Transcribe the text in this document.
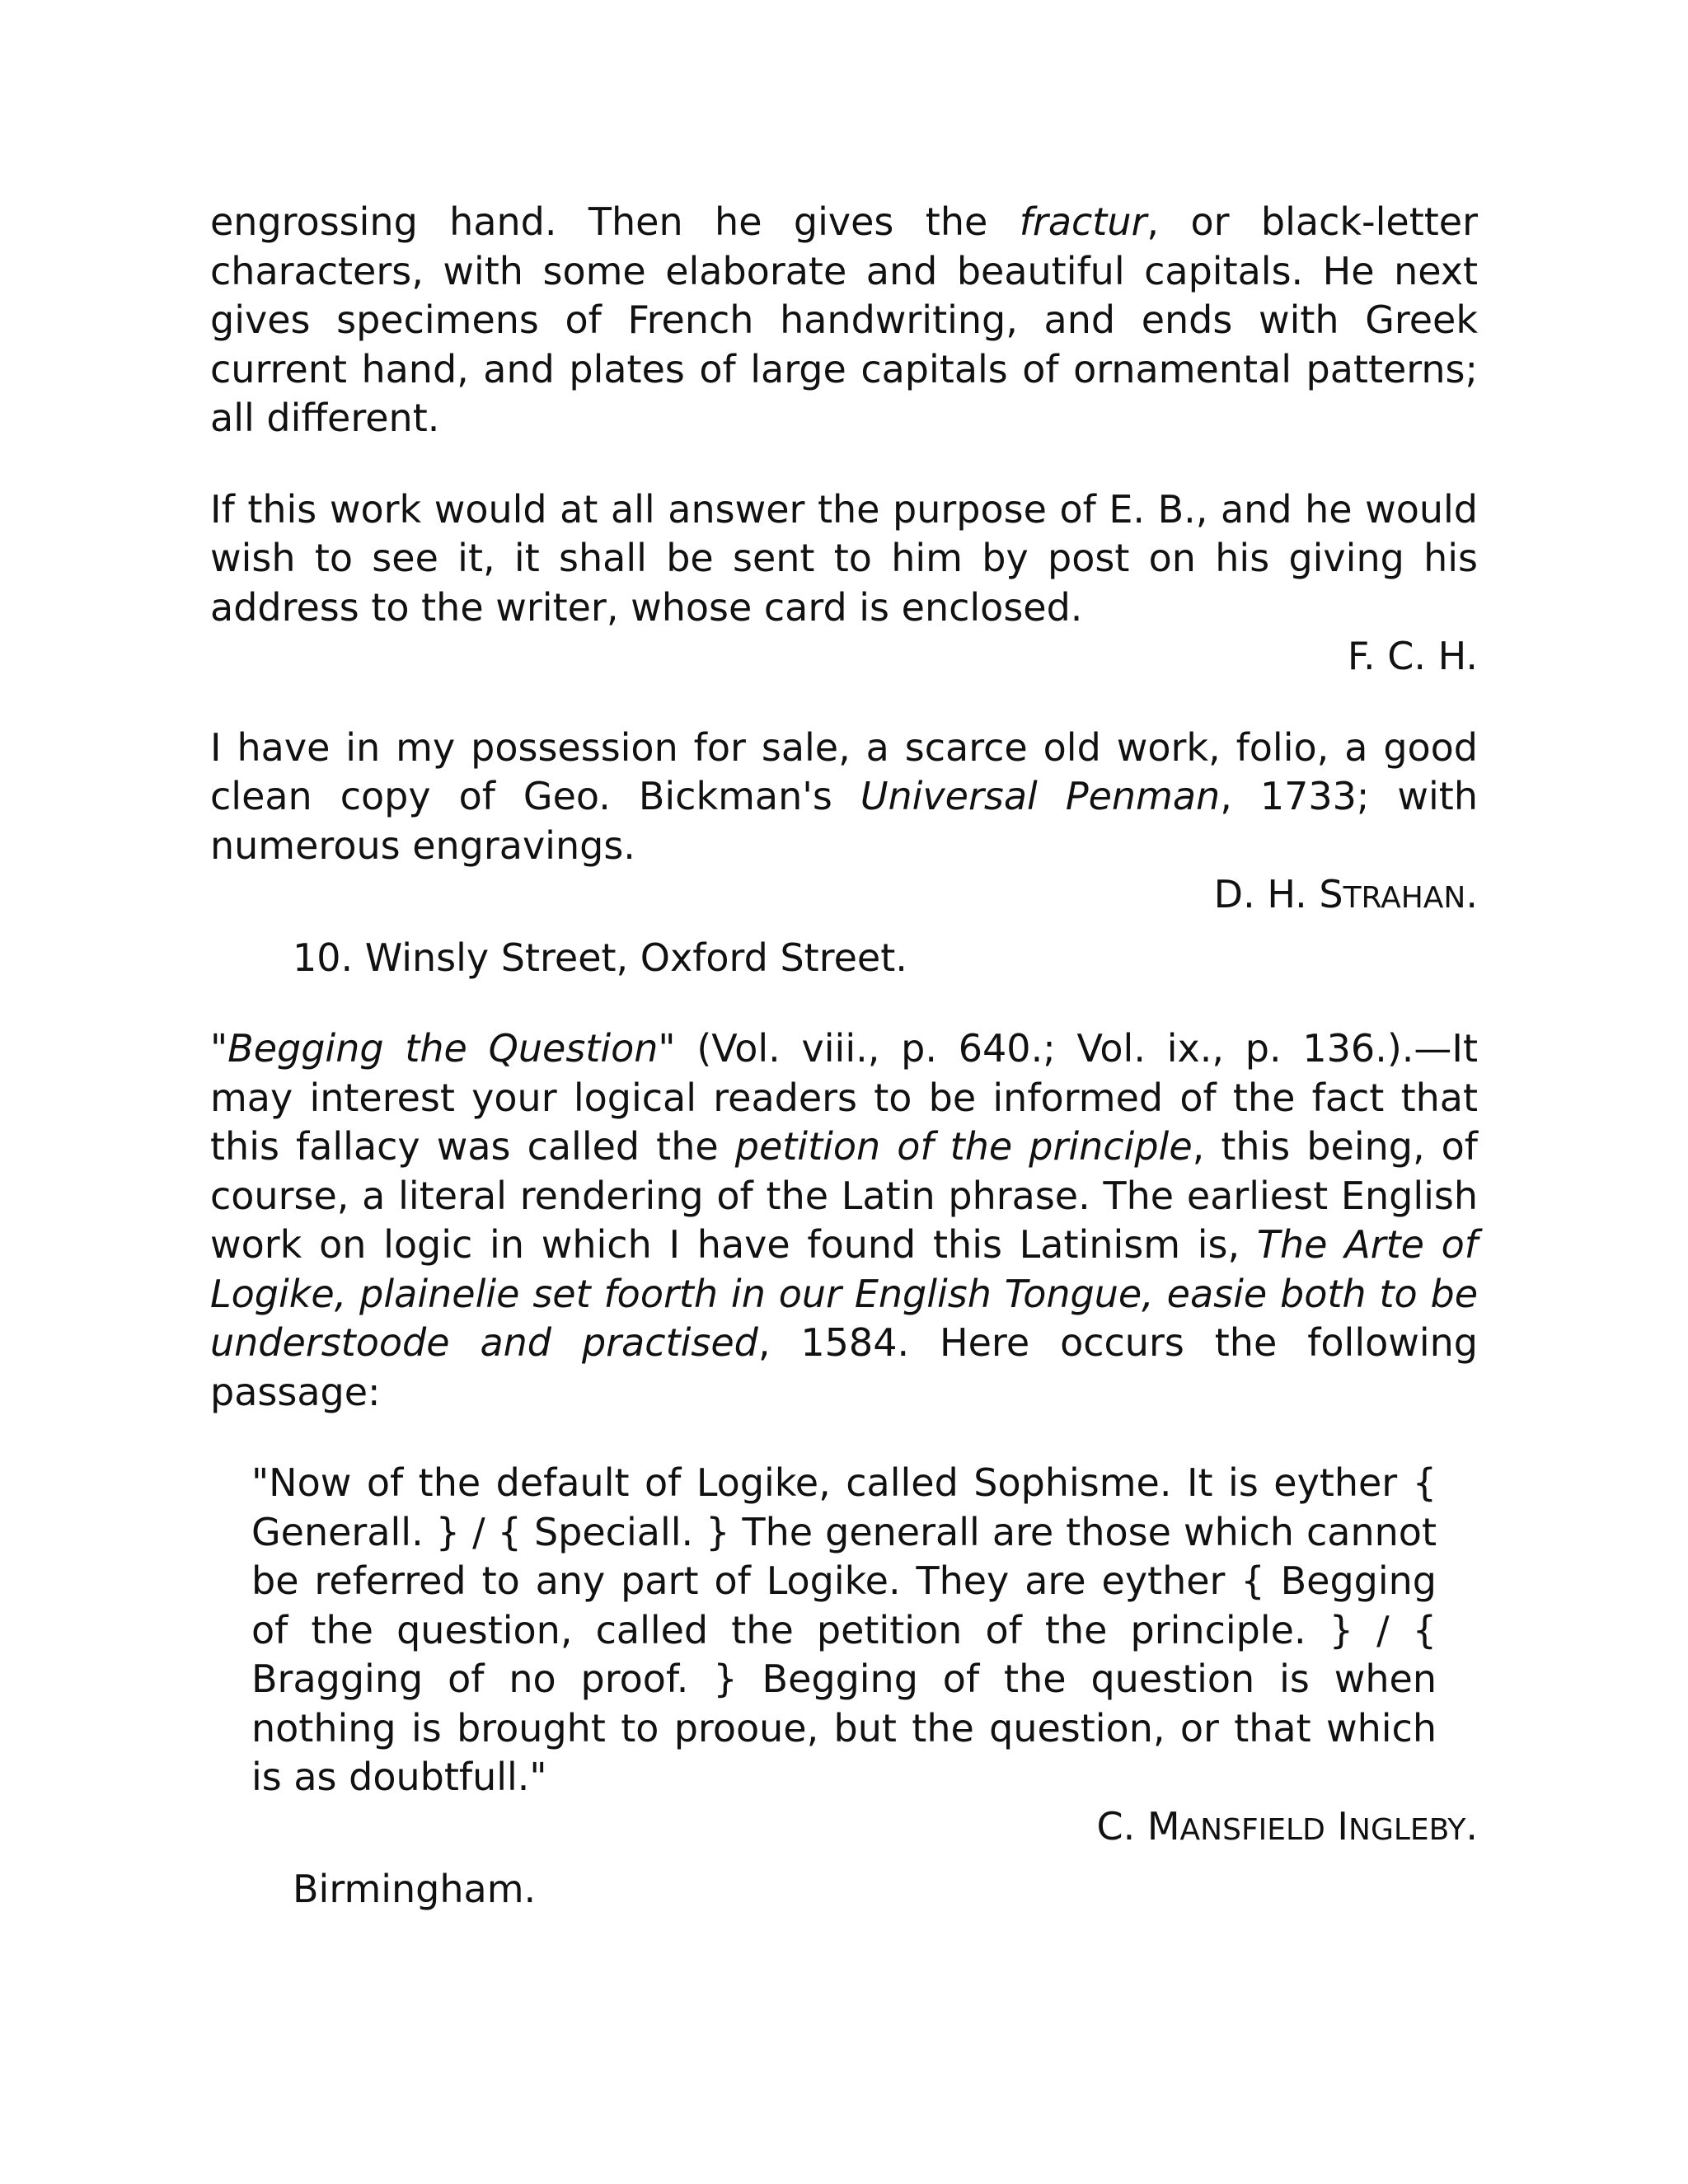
engrossing hand. Then he gives the fractur, or black-letter characters, with some elaborate and beautiful capitals. He next gives specimens of French handwriting, and ends with Greek current hand, and plates of large capitals of ornamental patterns; all different.

If this work would at all answer the purpose of E. B., and he would wish to see it, it shall be sent to him by post on his giving his address to the writer, whose card is enclosed.

F. C. H.

I have in my possession for sale, a scarce old work, folio, a good clean copy of Geo. Bickman's Universal Penman, 1733; with numerous engravings.

D. H. STRAHAN.

10. Winsly Street, Oxford Street.

"Begging the Question" (Vol. viii., p. 640.; Vol. ix., p. 136.).—It may interest your logical readers to be informed of the fact that this fallacy was called the petition of the principle, this being, of course, a literal rendering of the Latin phrase. The earliest English work on logic in which I have found this Latinism is, The Arte of Logike, plainelie set foorth in our English Tongue, easie both to be understoode and practised, 1584. Here occurs the following passage:

"Now of the default of Logike, called Sophisme. It is eyther { Generall. } / { Speciall. } The generall are those which cannot be referred to any part of Logike. They are eyther { Begging of the question, called the petition of the principle. } / { Bragging of no proof. } Begging of the question is when nothing is brought to prooue, but the question, or that which is as doubtfull."

C. MANSFIELD INGLEBY.

Birmingham.
